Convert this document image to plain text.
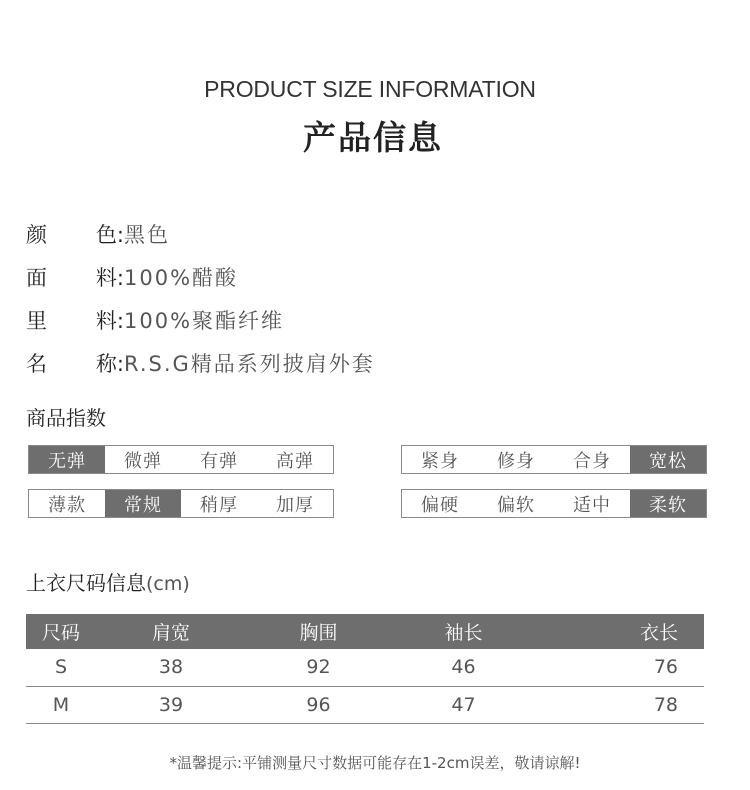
PRODUCT SIZE INFORMATION
产品信息
颜 色: 黑色
面 料: 100%醋酸
里 料: 100%聚酯纤维
名 称: R.S.G精品系列披肩外套
商品指数
无弹	微弹	有弹	高弹	紧身	修身	合身	宽松
薄款	常规	稍厚	加厚	偏硬	偏软	适中	柔软
上衣尺码信息(cm)
尺码	肩宽	胸围	袖长	衣长
S	38	92	46	76
M	39	96	47	78
*温馨提示:平铺测量尺寸数据可能存在1-2cm误差，敬请谅解!
